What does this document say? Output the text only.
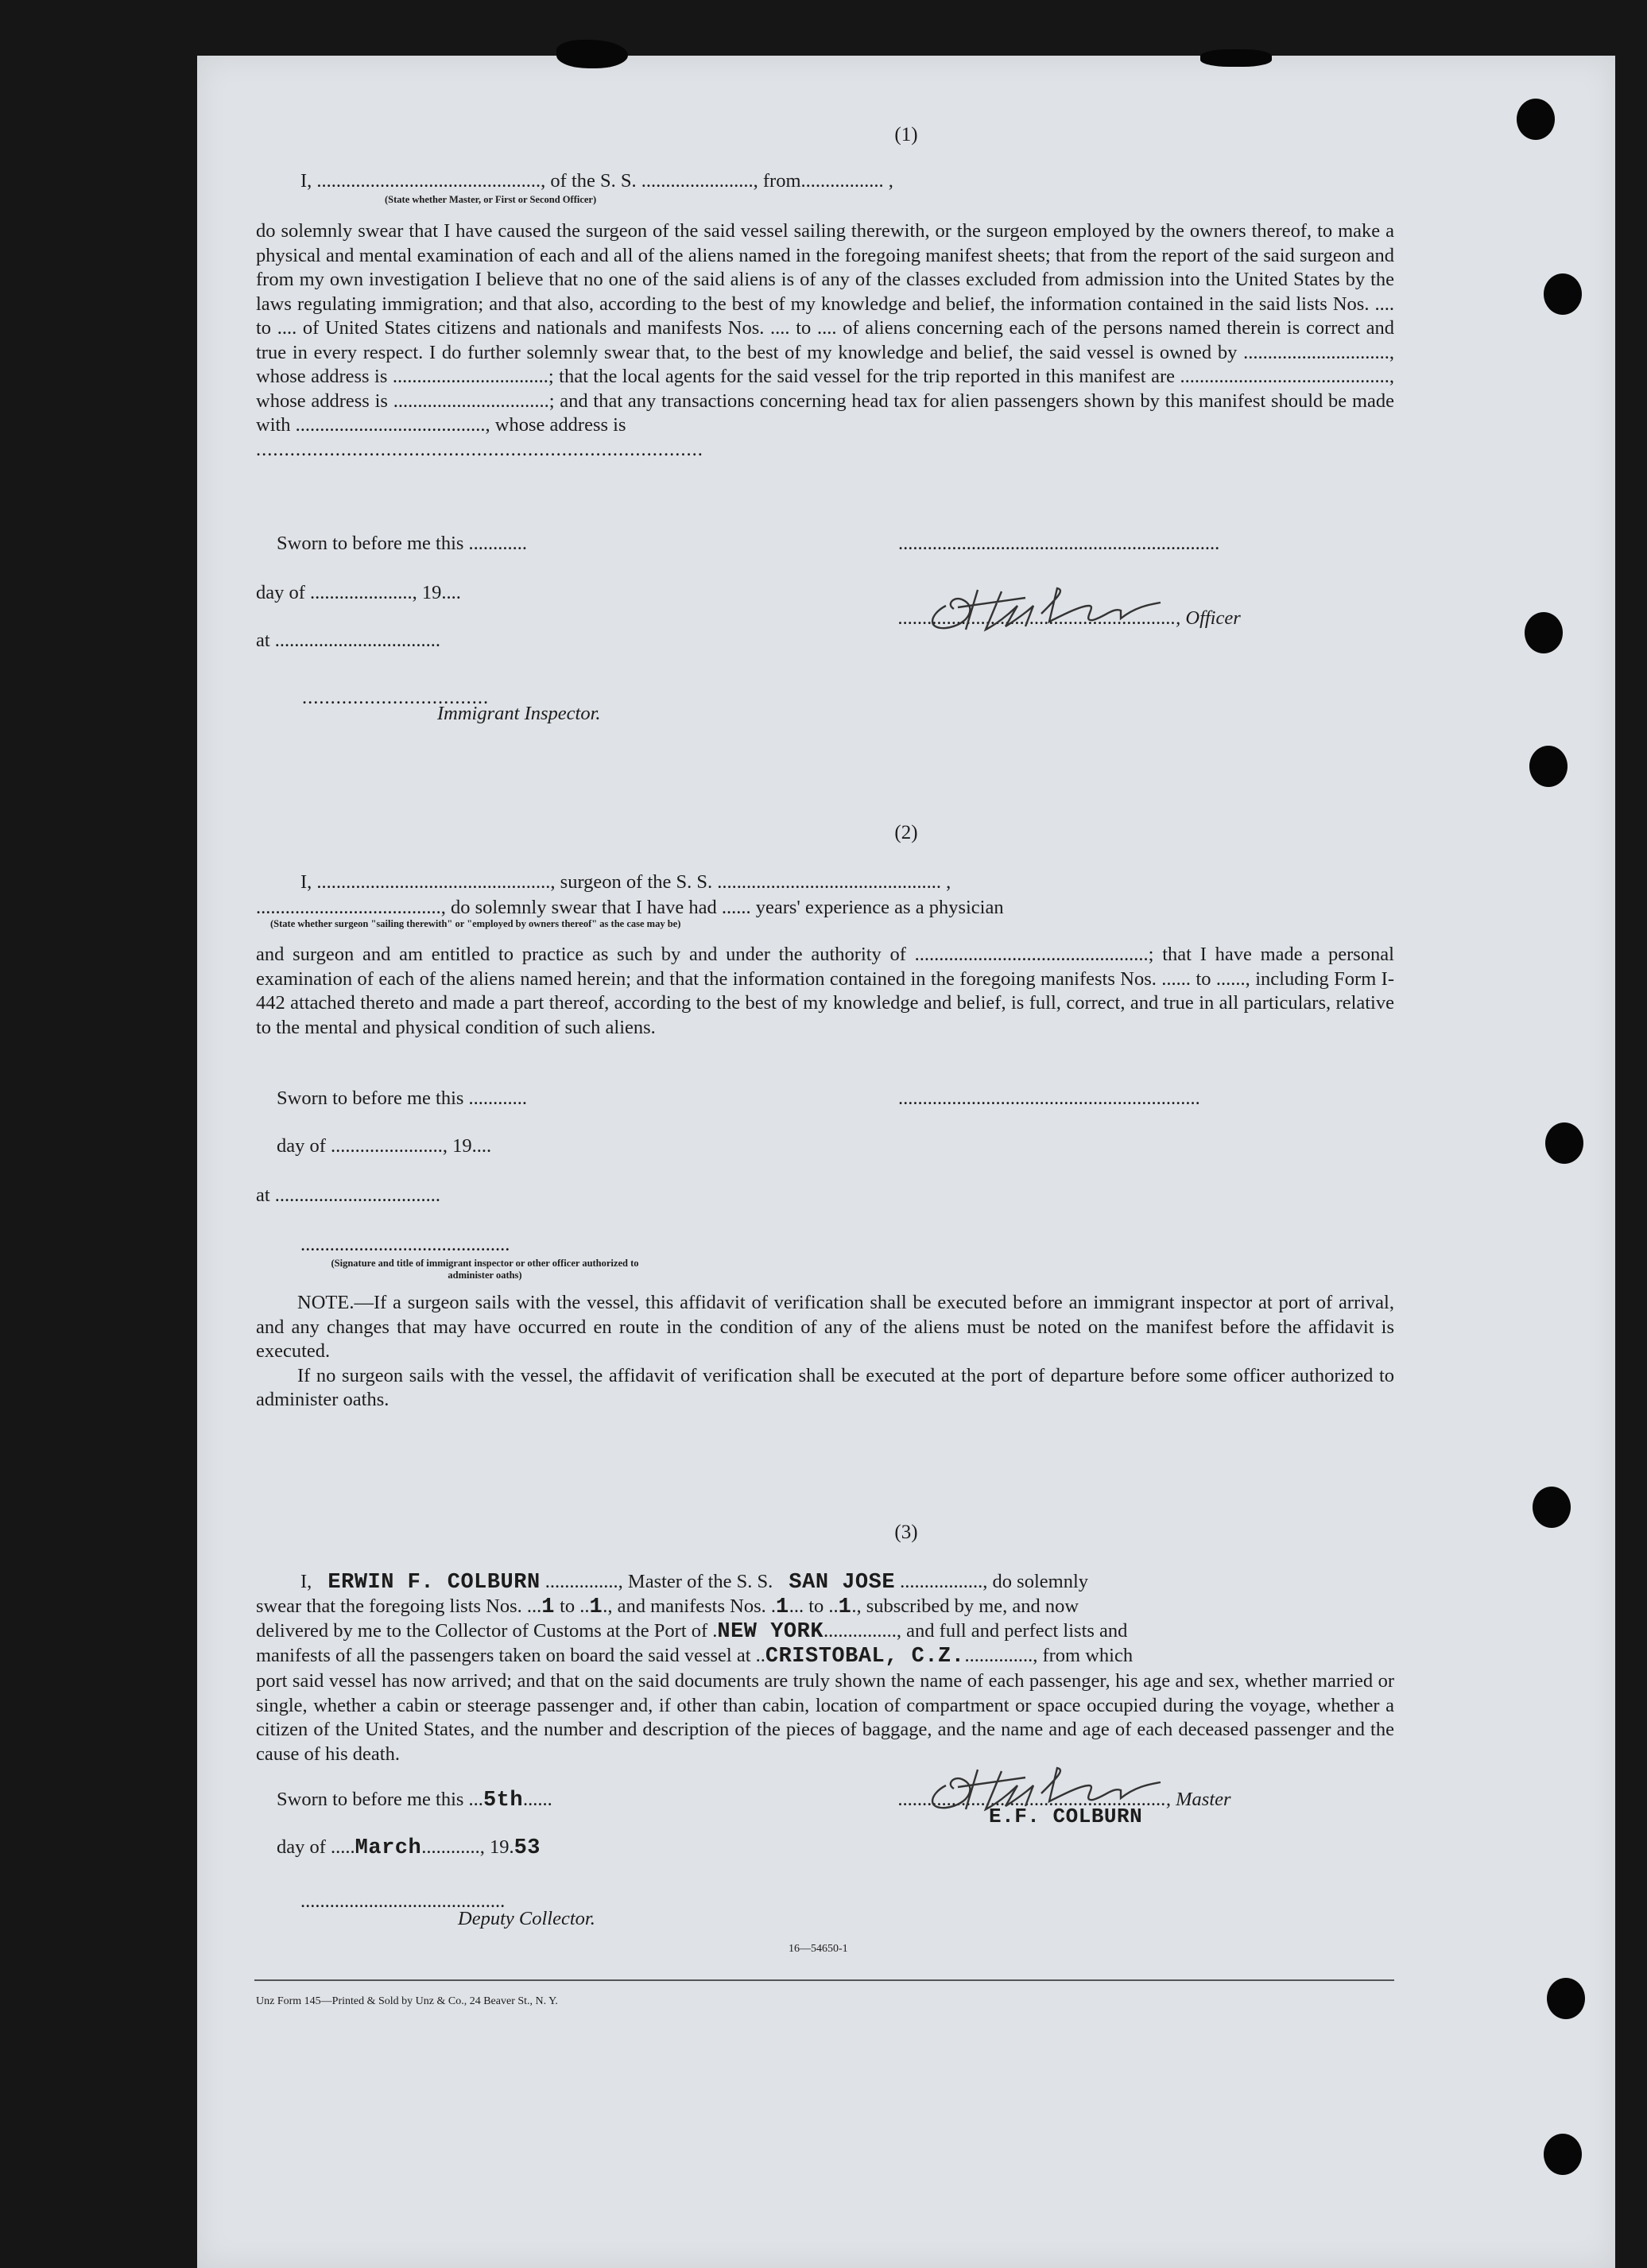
(1)
I, .............................................., of the S. S. ......................., from................. ,
(State whether Master, or First or Second Officer)

do solemnly swear that I have caused the surgeon of the said vessel sailing therewith, or the surgeon employed by the owners thereof, to make a physical and mental examination of each and all of the aliens named in the foregoing manifest sheets; that from the report of the said surgeon and from my own investigation I believe that no one of the said aliens is of any of the classes excluded from admission into the United States by the laws regulating immigration; and that also, according to the best of my knowledge and belief, the information contained in the said lists Nos. .... to .... of United States citizens and nationals and manifests Nos. .... to .... of aliens concerning each of the persons named therein is correct and true in every respect. I do further solemnly swear that, to the best of my knowledge and belief, the said vessel is owned by .............................., whose address is ................................; that the local agents for the said vessel for the trip reported in this manifest are ..........................................., whose address is ................................; and that any transactions concerning head tax for alien passengers shown by this manifest should be made with ......................................., whose address is

...............................................................................

Sworn to before me this ............	..................................................................
day of ....................., 19....
at ..................................
........................................................., Officer
.................................
Immigrant Inspector.
(2)
I, ................................................, surgeon of the S. S. .............................................. ,
......................................, do solemnly swear that I have had ...... years' experience as a physician
(State whether surgeon "sailing therewith" or "employed by owners thereof" as the case may be)

and surgeon and am entitled to practice as such by and under the authority of ................................................; that I have made a personal examination of each of the aliens named herein; and that the information contained in the foregoing manifests Nos. ...... to ......, including Form I-442 attached thereto and made a part thereof, according to the best of my knowledge and belief, is full, correct, and true in all particulars, relative to the mental and physical condition of such aliens.

Sworn to before me this ............	..............................................................
day of ......................., 19....
at ..................................
...........................................
(Signature and title of immigrant inspector or other officer authorized to administer oaths)

NOTE.—If a surgeon sails with the vessel, this affidavit of verification shall be executed before an immigrant inspector at port of arrival, and any changes that may have occurred en route in the condition of any of the aliens must be noted on the manifest before the affidavit is executed.

If no surgeon sails with the vessel, the affidavit of verification shall be executed at the port of departure before some officer authorized to administer oaths.

(3)
I, ERWIN F. COLBURN ..............., Master of the S. S. SAN JOSE ................., do solemnly
swear that the foregoing lists Nos. ...1 to ..1., and manifests Nos. .1... to ..1., subscribed by me, and now
delivered by me to the Collector of Customs at the Port of .NEW YORK..............., and full and perfect lists and
manifests of all the passengers taken on board the said vessel at ..CRISTOBAL, C.Z..............., from which

port said vessel has now arrived; and that on the said documents are truly shown the name of each passenger, his age and sex, whether married or single, whether a cabin or steerage passenger and, if other than cabin, location of compartment or space occupied during the voyage, whether a citizen of the United States, and the number and description of the pieces of baggage, and the name and age of each deceased passenger and the cause of his death.

Sworn to before me this ...5th......	......................................................., Master
E.F. COLBURN
day of .....March............, 19.53
..........................................
Deputy Collector.
16—54650-1
Unz Form 145—Printed & Sold by Unz & Co., 24 Beaver St., N. Y.
